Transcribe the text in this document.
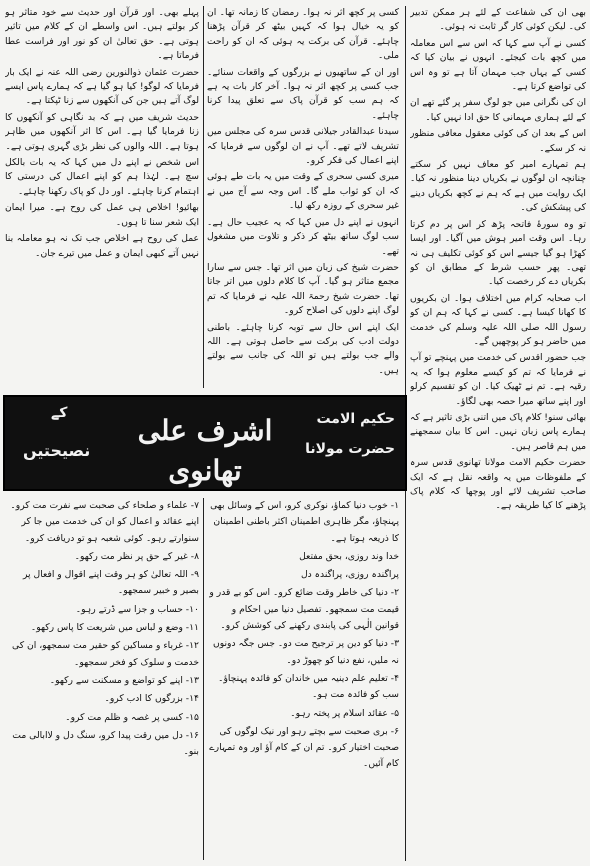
بھی ان کی شفاعت کے لئے ہر ممکن تدبیر کی۔ لیکن کوئی کار گر ثابت نہ ہوئی۔

کسی نے آپ سے کہا کہ اس سے اس معاملہ میں کچھ بات کیجئے۔ انہوں نے بیان کیا کہ کسی کے یہاں جب مہمان آتا ہے تو وہ اس کی تواضع کرتا ہے۔

ان کی نگرانی میں جو لوگ سفر پر گئے تھے ان کے لئے ہماری مہمانی کا حق ادا نہیں کیا۔

اس کے بعد ان کی کوئی معقول معافی منظور نہ کر سکے۔

ہم تمہارے امیر کو معاف نہیں کر سکتے چنانچہ ان لوگوں نے بکریاں دینا منظور نہ کیا۔ ایک روایت میں ہے کہ ہم نے کچھ بکریاں دینے کی پیشکش کی۔

تو وہ سورۂ فاتحہ پڑھ کر اس پر دم کرتا رہا۔ اس وقت امیر ہوش میں آگیا۔ اور ایسا کھڑا ہو گیا جیسے اس کو کوئی تکلیف ہی نہ تھی۔ پھر حسب شرط کے مطابق ان کو بکریاں دے کر رخصت کیا۔

اب صحابہ کرام میں اختلاف ہوا۔ ان بکریوں کا کھانا کیسا ہے۔ کسی نے کہا کہ ہم ان کو رسول اللہ صلی اللہ علیہ وسلم کی خدمت میں حاضر ہو کر پوچھیں گے۔

جب حضور اقدس کی خدمت میں پہنچے تو آپ نے فرمایا کہ تم کو کیسے معلوم ہوا کہ یہ رقیہ ہے۔ تم نے ٹھیک کیا۔ ان کو تقسیم کرلو اور اپنے ساتھ میرا حصہ بھی لگاؤ۔

بھائی سنو! کلام پاک میں اتنی بڑی تاثیر ہے کہ ہمارے پاس زبان نہیں۔ اس کا بیان سمجھنے میں ہم قاصر ہیں۔

حضرت حکیم الامت مولانا تھانوی قدس سرہ کے ملفوظات میں یہ واقعہ نقل ہے کہ ایک صاحب تشریف لائے اور پوچھا کہ کلام پاک پڑھنے کا کیا طریقہ ہے۔

کسی پر کچھ اثر نہ ہوا۔ رمضان کا زمانہ تھا۔ ان کو یہ خیال ہوا کہ کہیں بیٹھ کر قرآن پڑھنا چاہئے۔ قرآن کی برکت یہ ہوئی کہ ان کو راحت ملی۔

اور ان کے ساتھیوں نے بزرگوں کے واقعات سنائے۔ جب کسی پر کچھ اثر نہ ہوا۔ آخر کار بات یہ ہے کہ ہم سب کو قرآن پاک سے تعلق پیدا کرنا چاہئے۔

سیدنا عبدالقادر جیلانی قدس سرہ کی مجلس میں تشریف لاتے تھے۔ آپ نے ان لوگوں سے فرمایا کہ اپنے اعمال کی فکر کرو۔

میری کسی سحری کے وقت میں یہ بات طے ہوئی کہ ان کو ثواب ملے گا۔ اس وجہ سے آج میں نے غیر سحری کے روزہ رکھ لیا۔

انہوں نے اپنے دل میں کہا کہ یہ عجیب حال ہے۔ سب لوگ ساتھ بیٹھ کر ذکر و تلاوت میں مشغول تھے۔

حضرت شیخ کی زبان میں اثر تھا۔ جس سے سارا مجمع متاثر ہو گیا۔ آپ کا کلام دلوں میں اتر جاتا تھا۔ حضرت شیخ رحمۃ اللہ علیہ نے فرمایا کہ تم لوگ اپنے دلوں کی اصلاح کرو۔

ایک اپنے اس حال سے توبہ کرنا چاہئے۔ باطنی دولت ادب کی برکت سے حاصل ہوتی ہے۔ اللہ والے جب بولتے ہیں تو اللہ کی جانب سے بولتے ہیں۔

پہلے بھی۔ اور قرآن اور حدیث سے خود متاثر ہو کر بولتے ہیں۔ اس واسطے ان کے کلام میں تاثیر ہوتی ہے۔ حق تعالیٰ ان کو نور اور فراست عطا فرماتا ہے۔

حضرت عثمان ذوالنورین رضی اللہ عنہ نے ایک بار فرمایا کہ لوگو! کیا ہو گیا ہے کہ ہمارے پاس ایسے لوگ آتے ہیں جن کی آنکھوں سے زنا ٹپکتا ہے۔

حدیث شریف میں ہے کہ بد نگاہی کو آنکھوں کا زنا فرمایا گیا ہے۔ اس کا اثر آنکھوں میں ظاہر ہوتا ہے۔ اللہ والوں کی نظر بڑی گہری ہوتی ہے۔

اس شخص نے اپنے دل میں کہا کہ یہ بات بالکل سچ ہے۔ لہٰذا ہم کو اپنے اعمال کی درستی کا اہتمام کرنا چاہئے۔ اور دل کو پاک رکھنا چاہئے۔

بھائیو! اخلاص ہی عمل کی روح ہے۔ میرا ایمان ایک شعر سنا تا ہوں۔

عمل کی روح ہے اخلاص جب تک نہ ہو معاملہ بنا نہیں آتے کبھی ایمان و عمل میں تیرے جان۔

حکیم الامت
حضرت مولانا
اشرف علی تھانوی
کے
نصیحتیں
۱- خوب دنیا کماؤ، نوکری کرو، اس کے وسائل بھی پہنچاؤ، مگر ظاہری اطمینان اکثر باطنی اطمینان کا ذریعہ ہوتا ہے۔
خدا وند روزی، بحق مفتعل
پراگندہ روزی، پراگندہ دل
۲- دنیا کی خاطر وقت ضائع کرو۔ اس کو بے قدر و قیمت مت سمجھو۔ تفصیل دنیا میں احکام و قوانین الٰہی کی پابندی رکھنے کی کوشش کرو۔
۳- دنیا کو دین پر ترجیح مت دو۔ جس جگہ دونوں نہ ملیں، نفع دنیا کو چھوڑ دو۔
۴- تعلیم علم دینیہ میں خاندان کو فائدہ پہنچاؤ۔ سب کو فائدہ مت ہو۔
۵- عقائد اسلام پر پختہ رہو۔
۶- بری صحبت سے بچتے رہو اور نیک لوگوں کی صحبت اختیار کرو۔ تم ان کے کام آؤ اور وہ تمہارے کام آئیں۔
۷- علماء و صلحاء کی صحبت سے نفرت مت کرو۔ اپنے عقائد و اعمال کو ان کی خدمت میں جا کر سنوارتے رہو۔ کوئی شعبہ ہو تو دریافت کرو۔
۸- غیر کے حق پر نظر مت رکھو۔
۹- اللہ تعالیٰ کو ہر وقت اپنے اقوال و افعال پر بصیر و خبیر سمجھو۔
۱۰- حساب و جزا سے ڈرتے رہو۔
۱۱- وضع و لباس میں شریعت کا پاس رکھو۔
۱۲- غرباء و مساکین کو حقیر مت سمجھو، ان کی خدمت و سلوک کو فخر سمجھو۔
۱۳- اپنے کو تواضع و مسکنت سے رکھو۔
۱۴- بزرگوں کا ادب کرو۔
۱۵- کسی پر غصہ و ظلم مت کرو۔
۱۶- دل میں رقت پیدا کرو، سنگ دل و لاابالی مت بنو۔
